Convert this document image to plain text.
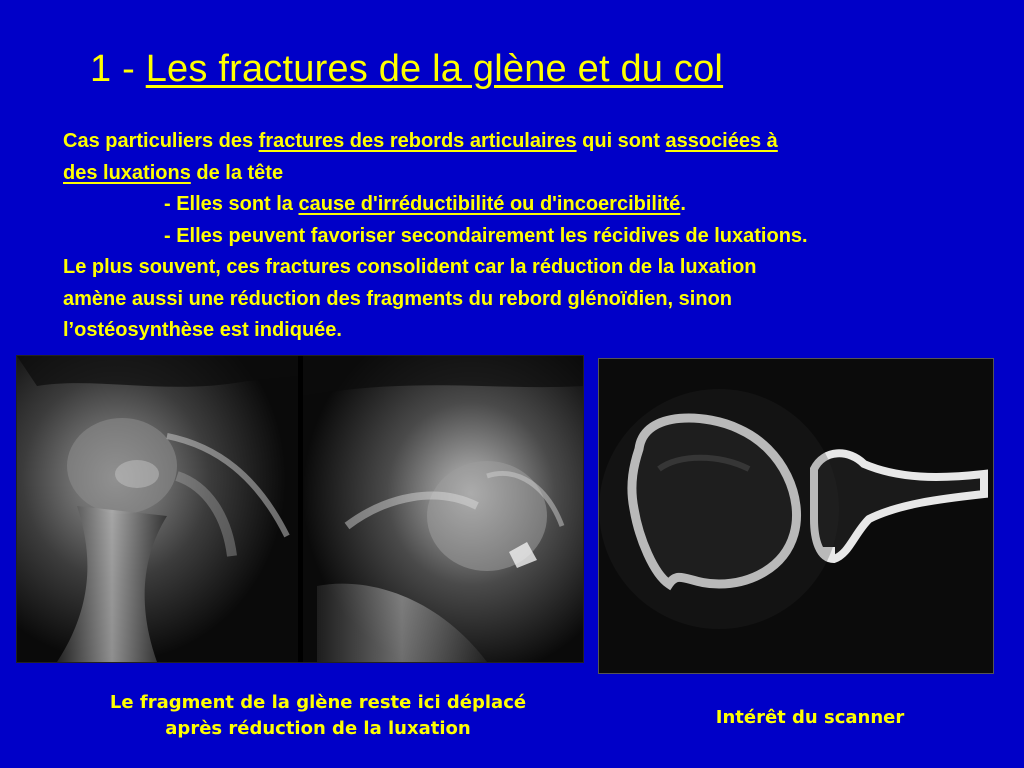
1 - Les fractures de la glène et du col
Cas particuliers des fractures des rebords articulaires qui sont associées à
des luxations de la tête
- Elles sont la cause d'irréductibilité ou d'incoercibilité.
- Elles peuvent favoriser secondairement les récidives de luxations.
Le plus souvent, ces fractures consolident car la réduction de la luxation
amène aussi une réduction des fragments du rebord glénoïdien, sinon
l’ostéosynthèse est indiquée.
Le fragment de la glène reste ici déplacé
après réduction de la luxation
Intérêt du scanner
